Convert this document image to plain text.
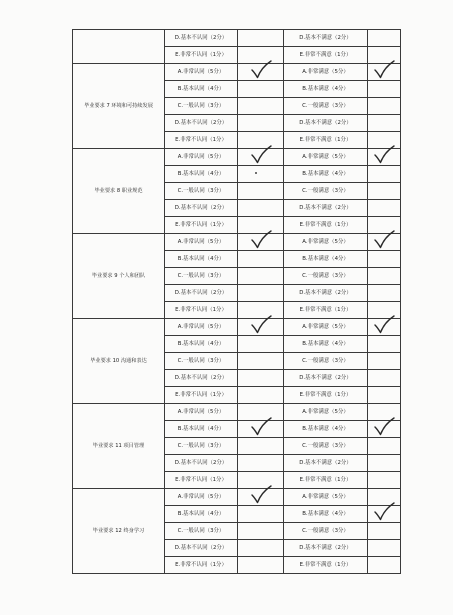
	D.基本不认同（2分）		D.基本不满意（2分）	
	E.非常不认同（1分）		E.非常不满意（1分）	
毕业要求 7 环境和可持续发展	A.非常认同（5分）		A.非常满意（5分）	

	B.基本认同（4分）		B.基本满意（4分）	
	C.一般认同（3分）		C.一般满意（3分）	
	D.基本不认同（2分）		D.基本不满意（2分）	
	E.非常不认同（1分）		E.非常不满意（1分）	
毕业要求 8 职业规范	A.非常认同（5分）		A.非常满意（5分）	

	B.基本认同（4分）		B.基本满意（4分）	
	C.一般认同（3分）		C.一般满意（3分）	
	D.基本不认同（2分）		D.基本不满意（2分）	
	E.非常不认同（1分）		E.非常不满意（1分）	
毕业要求 9 个人和团队	A.非常认同（5分）		A.非常满意（5分）	

	B.基本认同（4分）		B.基本满意（4分）	
	C.一般认同（3分）		C.一般满意（3分）	
	D.基本不认同（2分）		D.基本不满意（2分）	
	E.非常不认同（1分）		E.非常不满意（1分）	
毕业要求 10 沟通和表达	A.非常认同（5分）		A.非常满意（5分）	

	B.基本认同（4分）		B.基本满意（4分）	
	C.一般认同（3分）		C.一般满意（3分）	
	D.基本不认同（2分）		D.基本不满意（2分）	
	E.非常不认同（1分）		E.非常不满意（1分）	
毕业要求 11 项目管理	A.非常认同（5分）		A.非常满意（5分）	
	B.基本认同（4分）		B.基本满意（4分）	

	C.一般认同（3分）		C.一般满意（3分）	
	D.基本不认同（2分）		D.基本不满意（2分）	
	E.非常不认同（1分）		E.非常不满意（1分）	
毕业要求 12 终身学习	A.非常认同（5分）		A.非常满意（5分）	
	B.基本认同（4分）		B.基本满意（4分）	

	C.一般认同（3分）		C.一般满意（3分）	
	D.基本不认同（2分）		D.基本不满意（2分）	
	E.非常不认同（1分）		E.非常不满意（1分）	
